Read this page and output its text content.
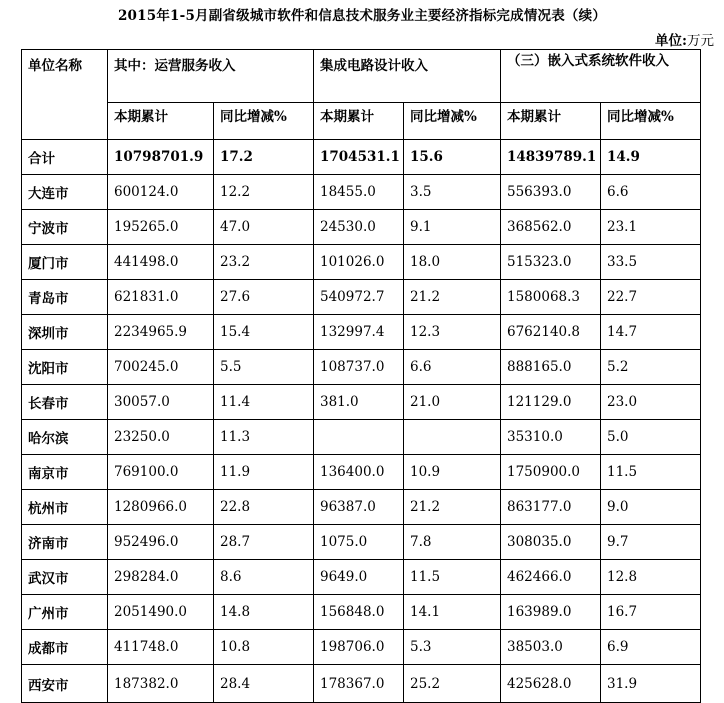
2015年1-5月副省级城市软件和信息技术服务业主要经济指标完成情况表（续）
单位:万元
单位名称	其中：运营服务收入		集成电路设计收入		（三）嵌入式系统软件收入	
	本期累计	同比增减%	本期累计	同比增减%	本期累计	同比增减%
合计	10798701.9	17.2	1704531.1	15.6	14839789.1	14.9
大连市	600124.0	12.2	18455.0	3.5	556393.0	6.6
宁波市	195265.0	47.0	24530.0	9.1	368562.0	23.1
厦门市	441498.0	23.2	101026.0	18.0	515323.0	33.5
青岛市	621831.0	27.6	540972.7	21.2	1580068.3	22.7
深圳市	2234965.9	15.4	132997.4	12.3	6762140.8	14.7
沈阳市	700245.0	5.5	108737.0	6.6	888165.0	5.2
长春市	30057.0	11.4	381.0	21.0	121129.0	23.0
哈尔滨	23250.0	11.3			35310.0	5.0
南京市	769100.0	11.9	136400.0	10.9	1750900.0	11.5
杭州市	1280966.0	22.8	96387.0	21.2	863177.0	9.0
济南市	952496.0	28.7	1075.0	7.8	308035.0	9.7
武汉市	298284.0	8.6	9649.0	11.5	462466.0	12.8
广州市	2051490.0	14.8	156848.0	14.1	163989.0	16.7
成都市	411748.0	10.8	198706.0	5.3	38503.0	6.9
西安市	187382.0	28.4	178367.0	25.2	425628.0	31.9
